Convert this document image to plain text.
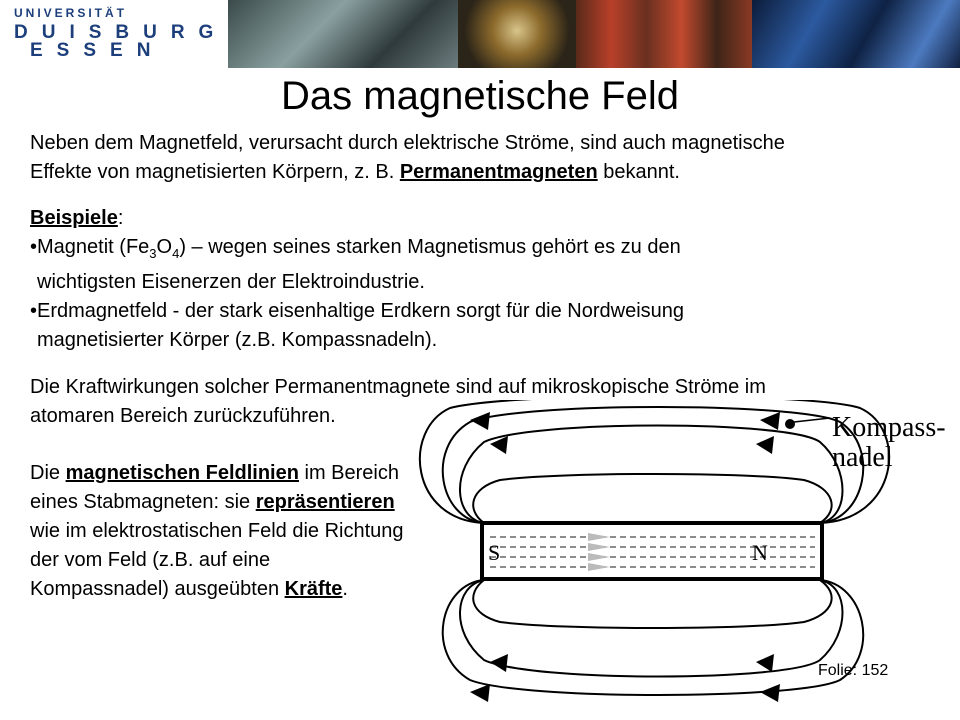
UNIVERSITÄT
DUISBURG
ESSEN
Das magnetische Feld
Neben dem Magnetfeld, verursacht durch elektrische Ströme, sind auch magnetische
Effekte von magnetisierten Körpern, z. B. Permanentmagneten bekannt.
Beispiele:
•Magnetit $(Fe_3O_4)$ – wegen seines starken Magnetismus gehört es zu den
wichtigsten Eisenerzen der Elektroindustrie.
•Erdmagnetfeld - der stark eisenhaltige Erdkern sorgt für die Nordweisung
magnetisierter Körper (z.B. Kompassnadeln).
Die Kraftwirkungen solcher Permanentmagnete sind auf mikroskopische Ströme im
atomaren Bereich zurückzuführen.
Die magnetischen Feldlinien im Bereich eines Stabmagneten: sie repräsentieren wie im elektrostatischen Feld die Richtung der vom Feld (z.B. auf eine Kompassnadel) ausgeübten Kräfte.
S	N
Kompass-
nadel
Folie: 152
